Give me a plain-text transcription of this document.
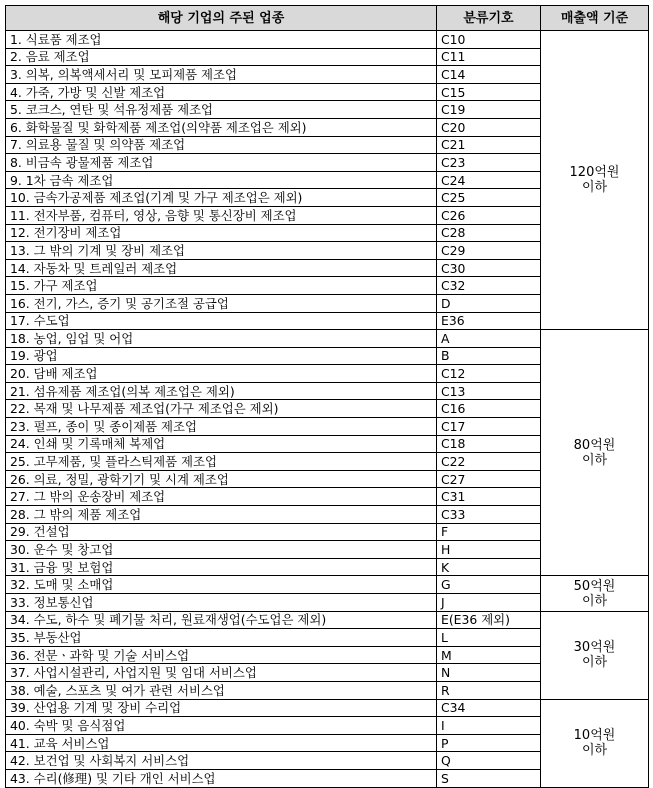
해당 기업의 주된 업종	분류기호	매출액 기준
1. 식료품 제조업	C10	120억원
이하

2. 음료 제조업	C11	
3. 의복, 의복액세서리 및 모피제품 제조업	C14	
4. 가죽, 가방 및 신발 제조업	C15	
5. 코크스, 연탄 및 석유정제품 제조업	C19	
6. 화학물질 및 화학제품 제조업(의약품 제조업은 제외)	C20	
7. 의료용 물질 및 의약품 제조업	C21	
8. 비금속 광물제품 제조업	C23	
9. 1차 금속 제조업	C24	
10. 금속가공제품 제조업(기계 및 가구 제조업은 제외)	C25	
11. 전자부품, 컴퓨터, 영상, 음향 및 통신장비 제조업	C26	
12. 전기장비 제조업	C28	
13. 그 밖의 기계 및 장비 제조업	C29	
14. 자동차 및 트레일러 제조업	C30	
15. 가구 제조업	C32	
16. 전기, 가스, 증기 및 공기조절 공급업	D	
17. 수도업	E36	
18. 농업, 임업 및 어업	A	80억원
이하

19. 광업	B	
20. 담배 제조업	C12	
21. 섬유제품 제조업(의복 제조업은 제외)	C13	
22. 목재 및 나무제품 제조업(가구 제조업은 제외)	C16	
23. 펄프, 종이 및 종이제품 제조업	C17	
24. 인쇄 및 기록매체 복제업	C18	
25. 고무제품, 및 플라스틱제품 제조업	C22	
26. 의료, 정밀, 광학기기 및 시계 제조업	C27	
27. 그 밖의 운송장비 제조업	C31	
28. 그 밖의 제품 제조업	C33	
29. 건설업	F	
30. 운수 및 창고업	H	
31. 금융 및 보험업	K	
32. 도매 및 소매업	G	50억원
이하

33. 정보통신업	J	
34. 수도, 하수 및 폐기물 처리, 원료재생업(수도업은 제외)	E(E36 제외)	30억원
이하

35. 부동산업	L	
36. 전문ㆍ과학 및 기술 서비스업	M	
37. 사업시설관리, 사업지원 및 임대 서비스업	N	
38. 예술, 스포츠 및 여가 관련 서비스업	R	
39. 산업용 기계 및 장비 수리업	C34	10억원
이하

40. 숙박 및 음식점업	I	
41. 교육 서비스업	P	
42. 보건업 및 사회복지 서비스업	Q	
43. 수리(修理) 및 기타 개인 서비스업	S	
